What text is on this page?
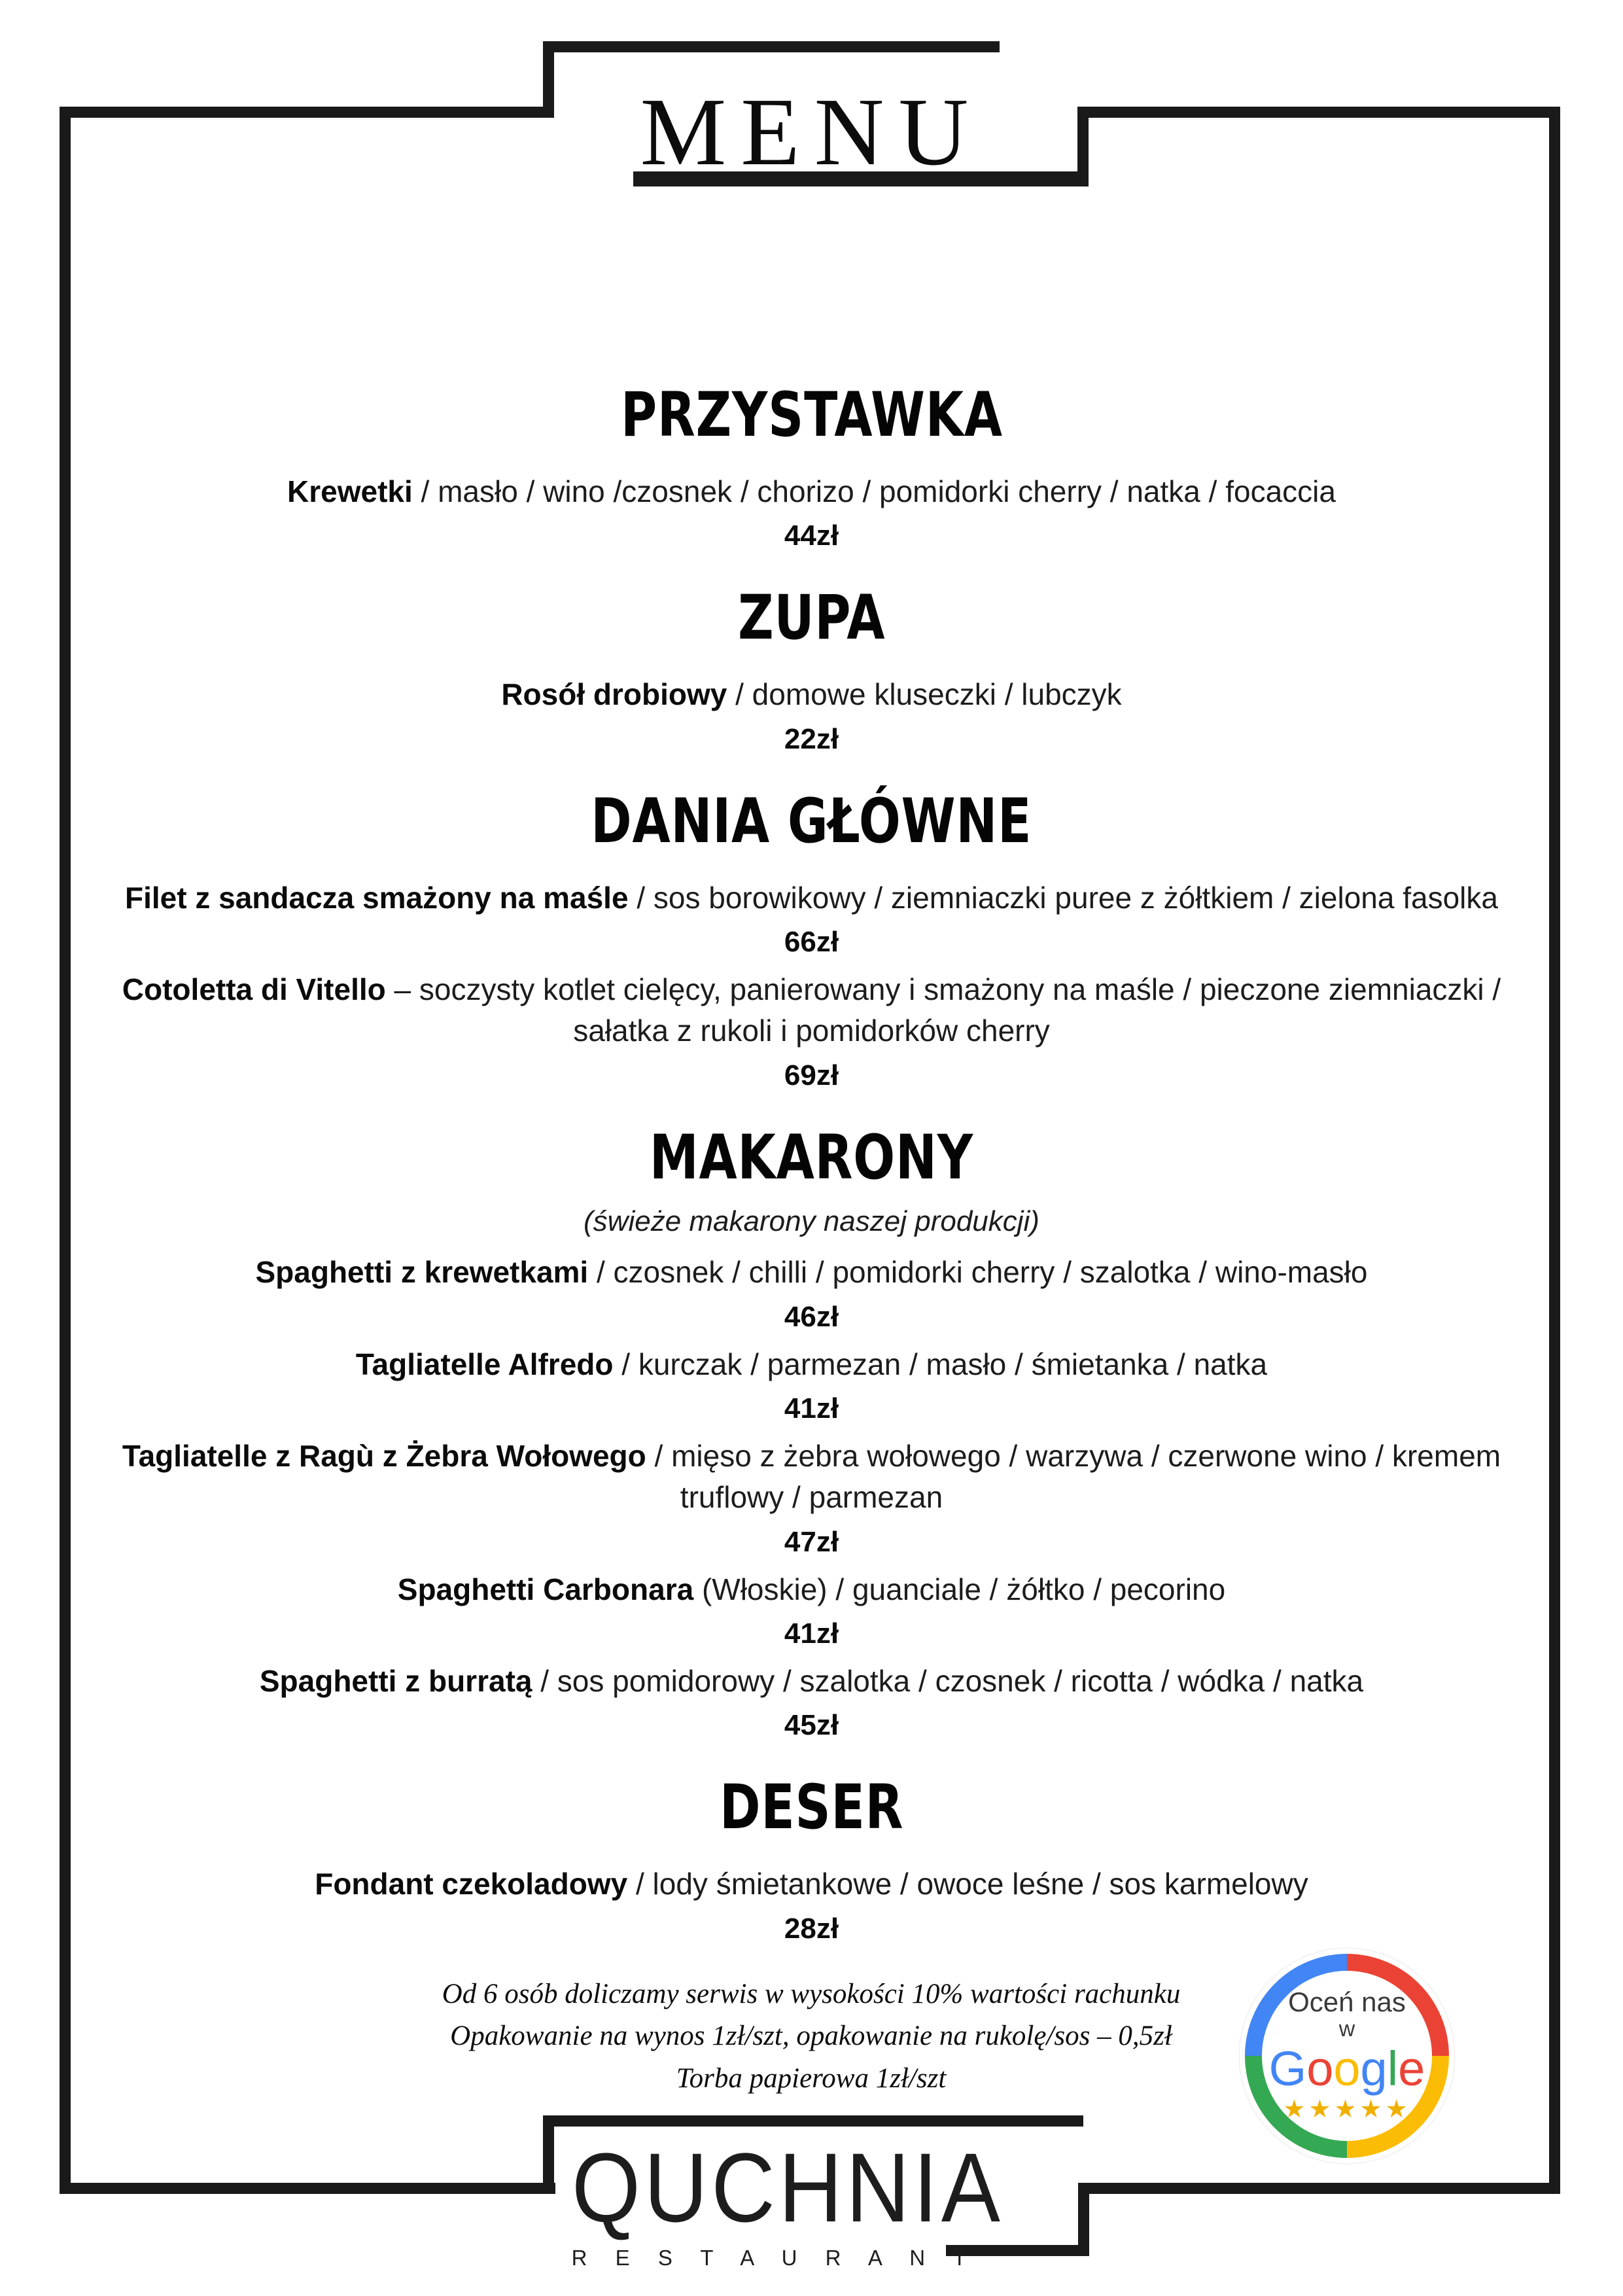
MENU
PRZYSTAWKA

Krewetki / masło / wino /czosnek / chorizo / pomidorki cherry / natka / focaccia

44zł

ZUPA

Rosół drobiowy / domowe kluseczki / lubczyk

22zł

DANIA GŁÓWNE

Filet z sandacza smażony na maśle / sos borowikowy / ziemniaczki puree z żółtkiem / zielona fasolka

66zł

Cotoletta di Vitello – soczysty kotlet cielęcy, panierowany i smażony na maśle / pieczone ziemniaczki / sałatka z rukoli i pomidorków cherry

69zł

MAKARONY

(świeże makarony naszej produkcji)

Spaghetti z krewetkami / czosnek / chilli / pomidorki cherry / szalotka / wino-masło

46zł

Tagliatelle Alfredo / kurczak / parmezan / masło / śmietanka / natka

41zł

Tagliatelle z Ragù z Żebra Wołowego / mięso z żebra wołowego / warzywa / czerwone wino / kremem truflowy / parmezan

47zł

Spaghetti Carbonara (Włoskie) / guanciale / żółtko / pecorino

41zł

Spaghetti z burratą / sos pomidorowy / szalotka / czosnek / ricotta / wódka / natka

45zł

DESER

Fondant czekoladowy / lody śmietankowe / owoce leśne / sos karmelowy

28zł

Od 6 osób doliczamy serwis w wysokości 10% wartości rachunku

Opakowanie na wynos 1zł/szt, opakowanie na rukolę/sos – 0,5zł

Torba papierowa 1zł/szt

Oceń nas
w
Google
★★★★★
QUCHNIA
R E S T A U R A N T
